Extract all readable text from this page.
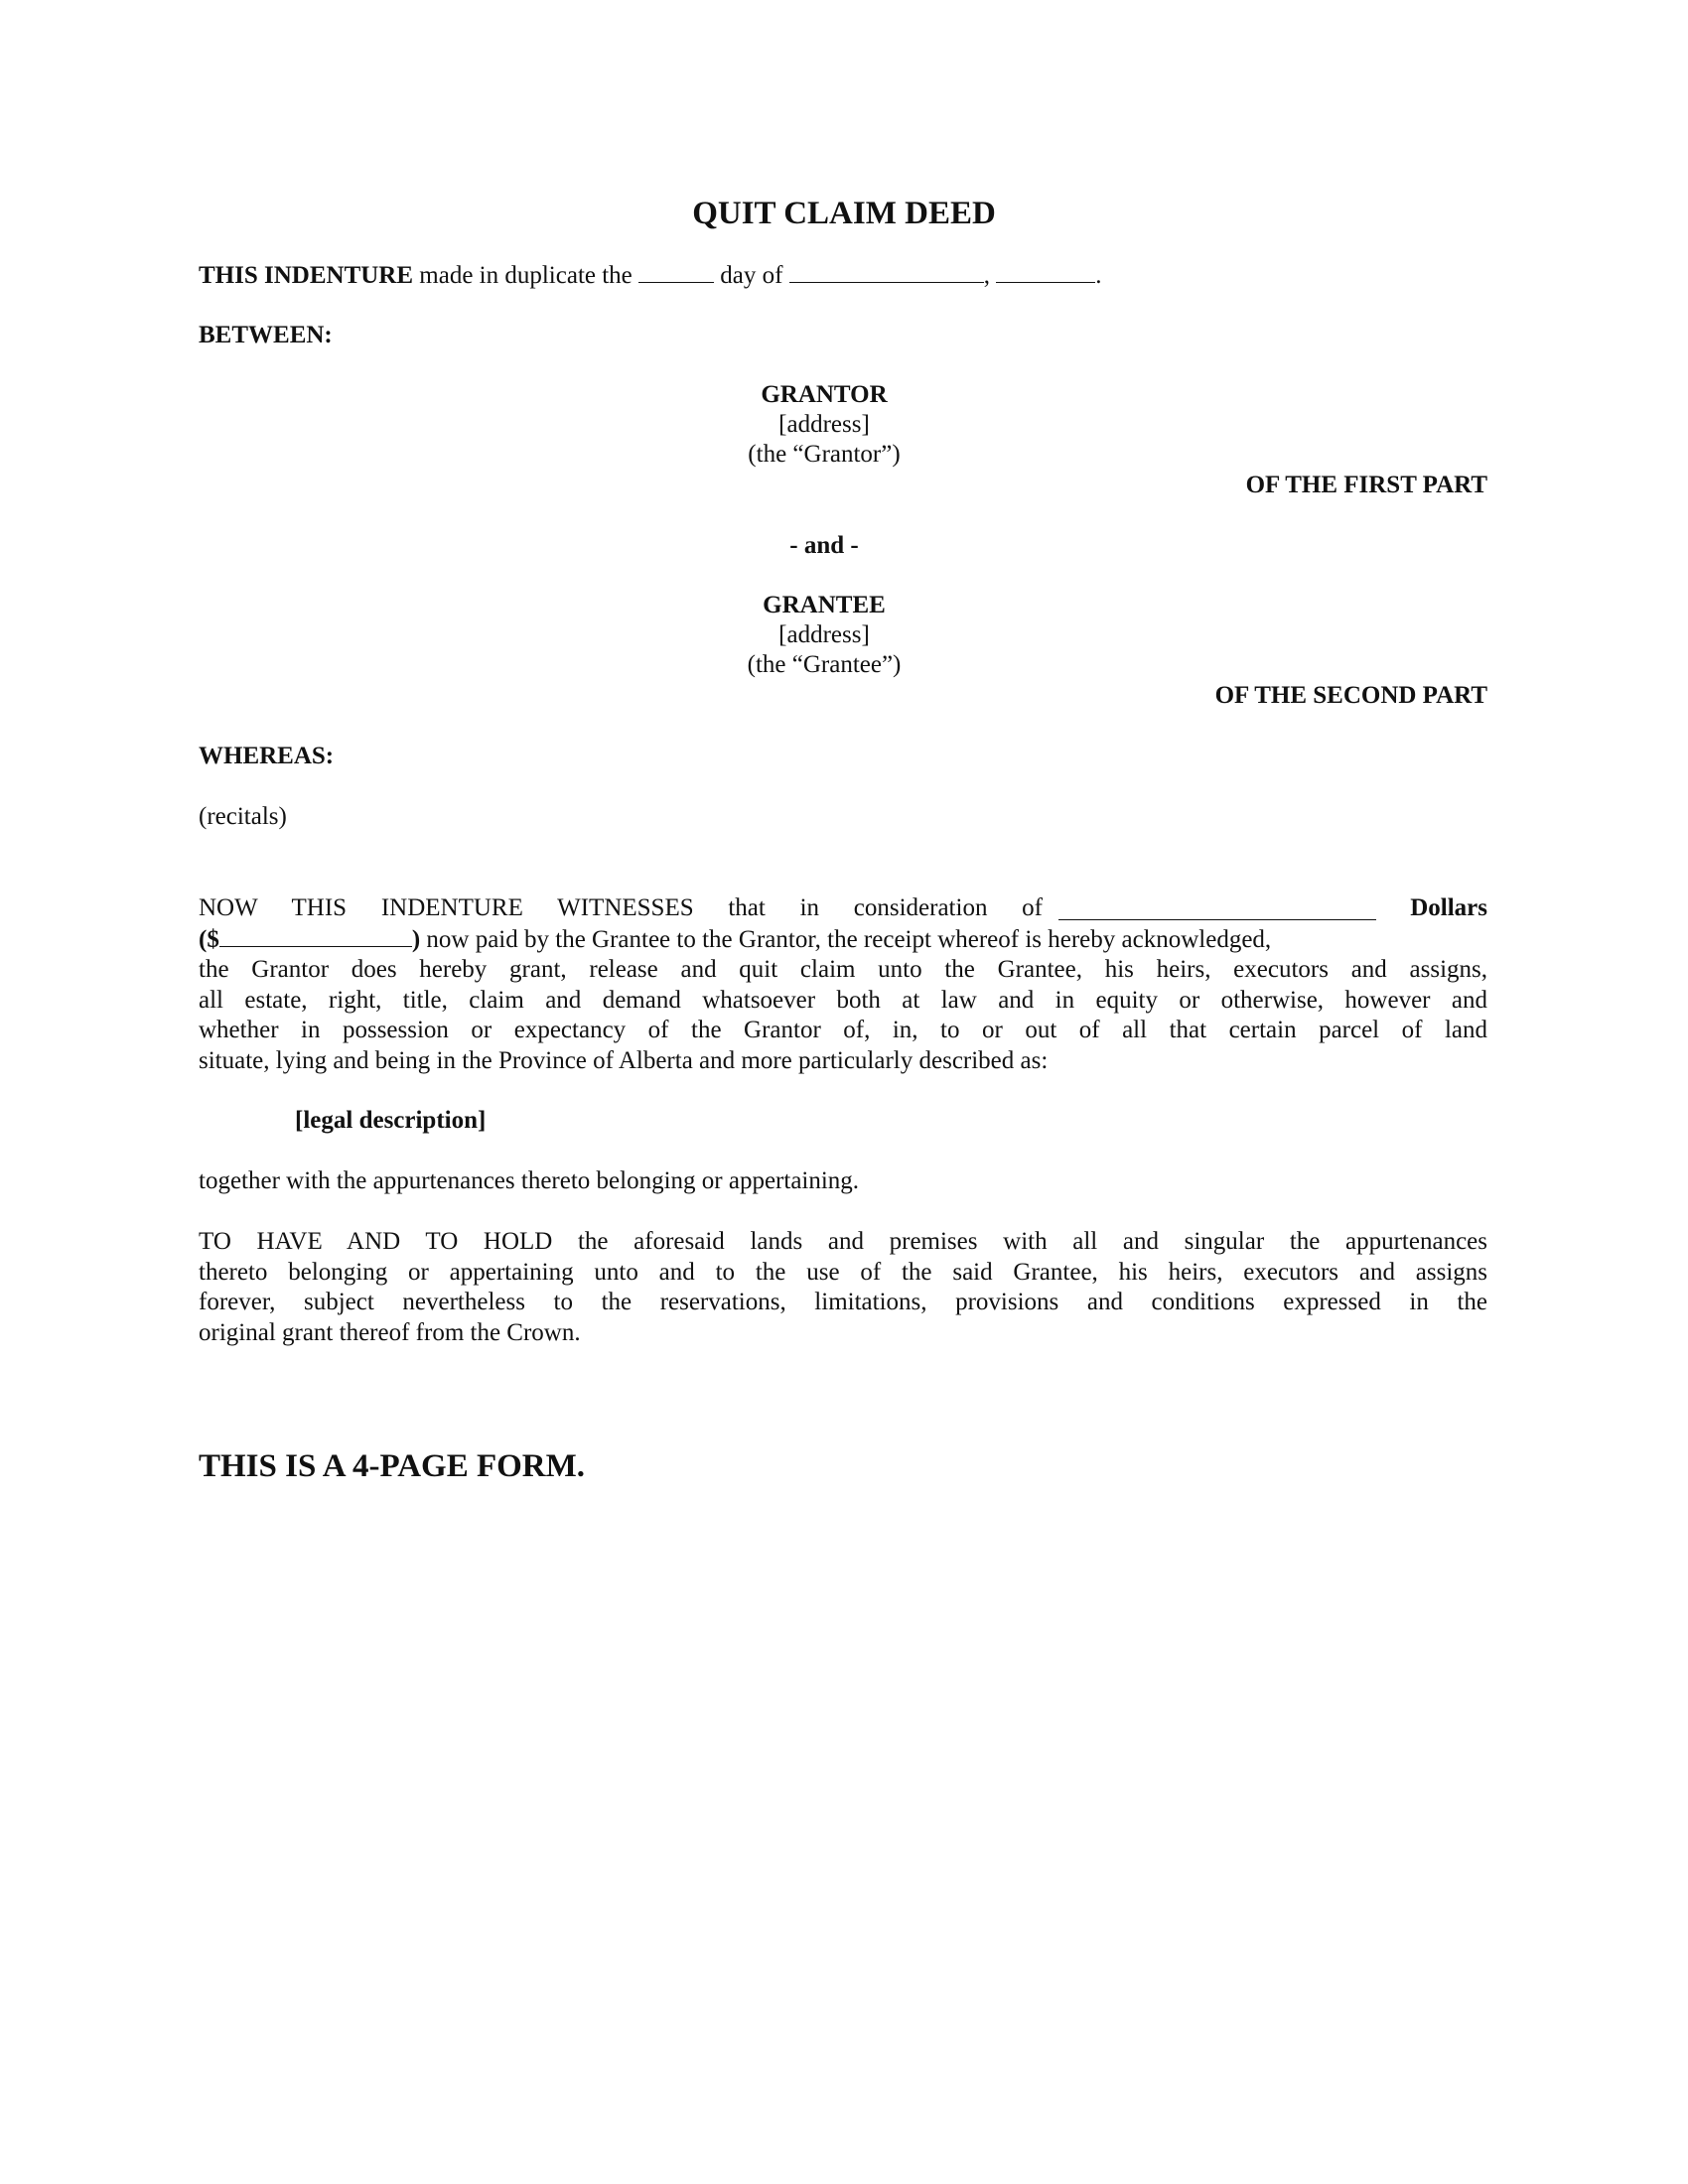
QUIT CLAIM DEED
THIS INDENTURE made in duplicate the	day of	,	.
BETWEEN:
GRANTOR
[address]
(the “Grantor”)
OF THE FIRST PART
- and -
GRANTEE
[address]
(the “Grantee”)
OF THE SECOND PART
WHEREAS:
(recitals)
NOW THIS INDENTURE WITNESSES that in consideration of	Dollars
($	) now paid by the Grantee to the Grantor, the receipt whereof is hereby acknowledged,
the Grantor does hereby grant, release and quit claim unto the Grantee, his heirs, executors and assigns,
all estate, right, title, claim and demand whatsoever both at law and in equity or otherwise, however and
whether in possession or expectancy of the Grantor of, in, to or out of all that certain parcel of land
situate, lying and being in the Province of Alberta and more particularly described as:
[legal description]
together with the appurtenances thereto belonging or appertaining.
TO HAVE AND TO HOLD the aforesaid lands and premises with all and singular the appurtenances
thereto belonging or appertaining unto and to the use of the said Grantee, his heirs, executors and assigns
forever, subject nevertheless to the reservations, limitations, provisions and conditions expressed in the
original grant thereof from the Crown.
THIS IS A 4-PAGE FORM.
